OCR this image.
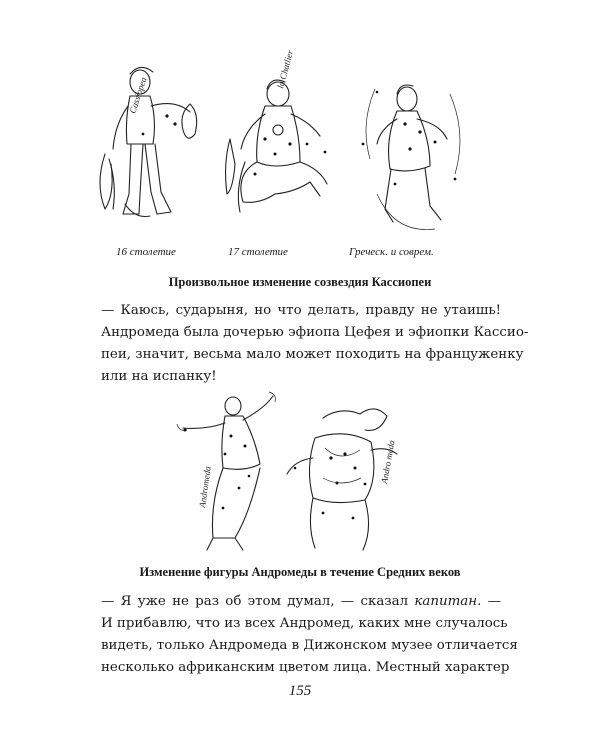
Cassiopea
lo Chatlier
16 столетие	17 столетие	Греческ. и соврем.
Произвольное изменение созвездия Кассиопеи
— Каюсь, сударыня, но что делать, правду не утаишь!
Андромеда была дочерью эфиопа Цефея и эфиопки Кассио-
пеи, значит, весьма мало может походить на француженку
или на испанку!
Andromeda
Andro meda
Изменение фигуры Андромеды в течение Средних веков
— Я уже не раз об этом думал, — сказал капитан. —
И прибавлю, что из всех Андромед, каких мне случалось
видеть, только Андромеда в Дижонском музее отличается
несколько африканским цветом лица. Местный характер
155
